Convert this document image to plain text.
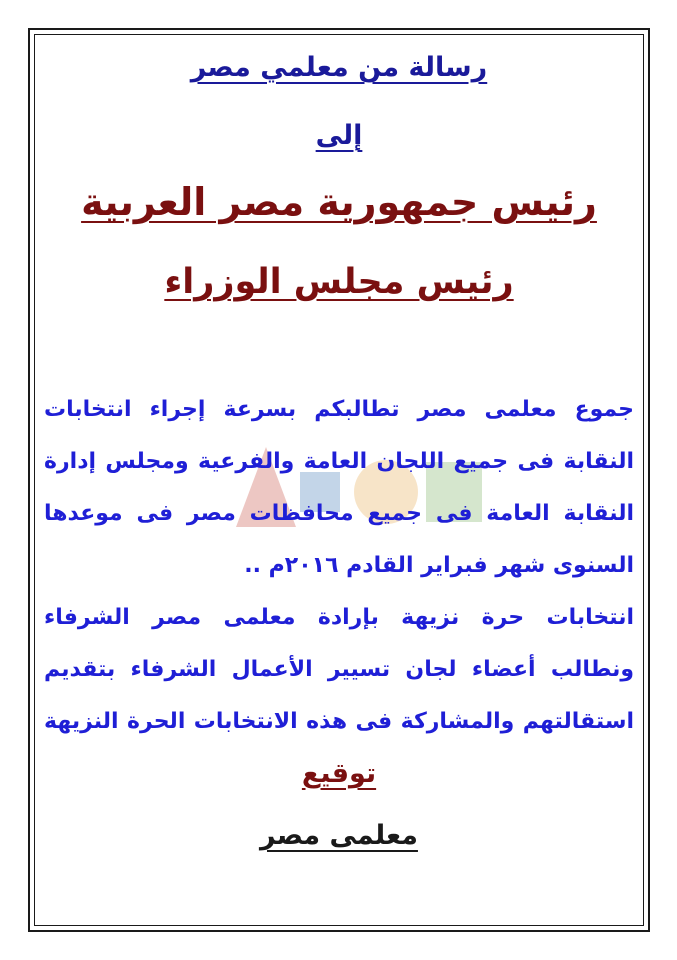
رسالة من معلمي مصر
إلى
رئيس جمهورية مصر العربية
رئيس مجلس الوزراء
جموع معلمى مصر تطالبكم بسرعة إجراء انتخابات
النقابة فى جميع اللجان العامة والفرعية ومجلس إدارة
النقابة العامة فى جميع محافظات مصر فى موعدها
السنوى شهر فبراير القادم ٢٠١٦م ..
انتخابات حرة نزيهة بإرادة معلمى مصر الشرفاء
ونطالب أعضاء لجان تسيير الأعمال الشرفاء بتقديم
استقالتهم والمشاركة فى هذه الانتخابات الحرة النزيهة
توقيع
معلمى مصر
